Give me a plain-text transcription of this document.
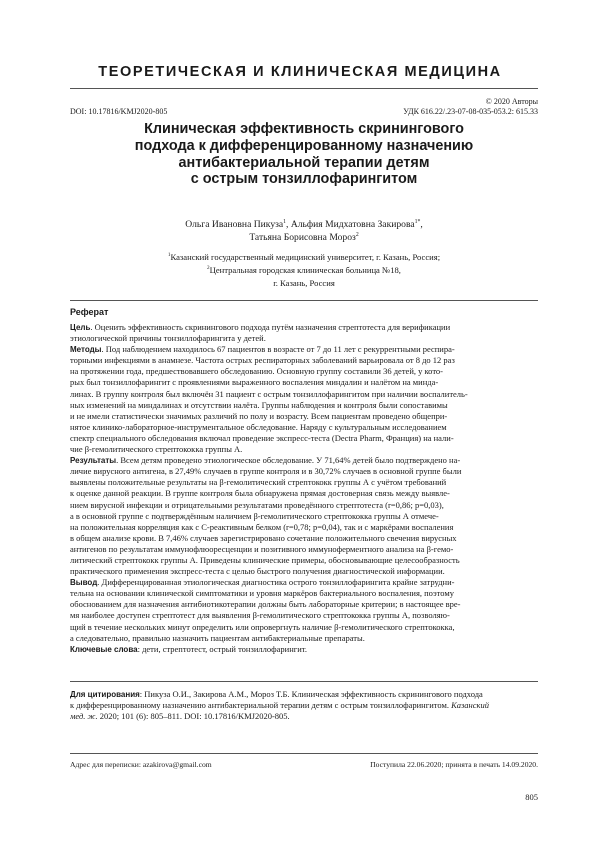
ТЕОРЕТИЧЕСКАЯ И КЛИНИЧЕСКАЯ МЕДИЦИНА
© 2020 Авторы
DOI: 10.17816/KMJ2020-805	УДК 616.22/.23-07-08-035-053.2: 615.33
Клиническая эффективность скринингового
подхода к дифференцированному назначению
антибактериальной терапии детям
с острым тонзиллофарингитом
Ольга Ивановна Пикуза$^1$, Альфия Мидхатовна Закирова$^{1*}$,
Татьяна Борисовна Мороз$^2$
$^1$Казанский государственный медицинский университет, г. Казань, Россия;
$^2$Центральная городская клиническая больница №18,
г. Казань, Россия
Реферат
Цель. Оценить эффективность скринингового подхода путём назначения стрептотеста для верификации
этиологической причины тонзиллофарингита у детей.
Методы. Под наблюдением находилось 67 пациентов в возрасте от 7 до 11 лет с рекуррентными респира-
торными инфекциями в анамнезе. Частота острых респираторных заболеваний варьировала от 8 до 12 раз
на протяжении года, предшествовавшего обследованию. Основную группу составили 36 детей, у кото-
рых был тонзиллофарингит с проявлениями выраженного воспаления миндалин и налётом на минда-
линах. В группу контроля был включён 31 пациент с острым тонзиллофарингитом при наличии воспалитель-
ных изменений на миндалинах и отсутствии налёта. Группы наблюдения и контроля были сопоставимы
и не имели статистически значимых различий по полу и возрасту. Всем пациентам проведено общепри-
нятое клинико-лабораторное-инструментальное обследование. Наряду с культуральным исследованием
спектр специального обследования включал проведение экспресс-теста (Dectra Pharm, Франция) на нали-
чие β-гемолитического стрептококка группы А.
Результаты. Всем детям проведено этиологическое обследование. У 71,64% детей было подтверждено на-
личие вирусного антигена, в 27,49% случаев в группе контроля и в 30,72% случаев в основной группе были
выявлены положительные результаты на β-гемолитический стрептококк группы А с учётом требований
к оценке данной реакции. В группе контроля была обнаружена прямая достоверная связь между выявле-
нием вирусной инфекции и отрицательными результатами проведённого стрептотеста (r=0,86; p=0,03),
а в основной группе с подтверждённым наличием β-гемолитического стрептококка группы А отмече-
на положительная корреляция как с С-реактивным белком (r=0,78; p=0,04), так и с маркёрами воспаления
в общем анализе крови. В 7,46% случаев зарегистрировано сочетание положительного свечения вирусных
антигенов по результатам иммунофлюоресценции и позитивного иммуноферментного анализа на β-гемо-
литический стрептококк группы А. Приведены клинические примеры, обосновывающие целесообразность
практического применения экспресс-теста с целью быстрого получения диагностической информации.
Вывод. Дифференцированная этиологическая диагностика острого тонзиллофарингита крайне затрудни-
тельна на основании клинической симптоматики и уровня маркёров бактериального воспаления, поэтому
обоснованием для назначения антибиотикотерапии должны быть лабораторные критерии; в настоящее вре-
мя наиболее доступен стрептотест для выявления β-гемолитического стрептококка группы А, позволяю-
щий в течение нескольких минут определить или опровергнуть наличие β-гемолитического стрептококка,
а следовательно, правильно назначить пациентам антибактериальные препараты.
Ключевые слова: дети, стрептотест, острый тонзиллофарингит.
Для цитирования: Пикуза О.И., Закирова А.М., Мороз Т.Б. Клиническая эффективность скринингового подхода
к дифференцированному назначению антибактериальной терапии детям с острым тонзиллофарингитом. Казанский
мед. ж. 2020; 101 (6): 805–811. DOI: 10.17816/KMJ2020-805.
Адрес для переписки: azakirova@gmail.com	Поступила 22.06.2020; принята в печать 14.09.2020.
805
